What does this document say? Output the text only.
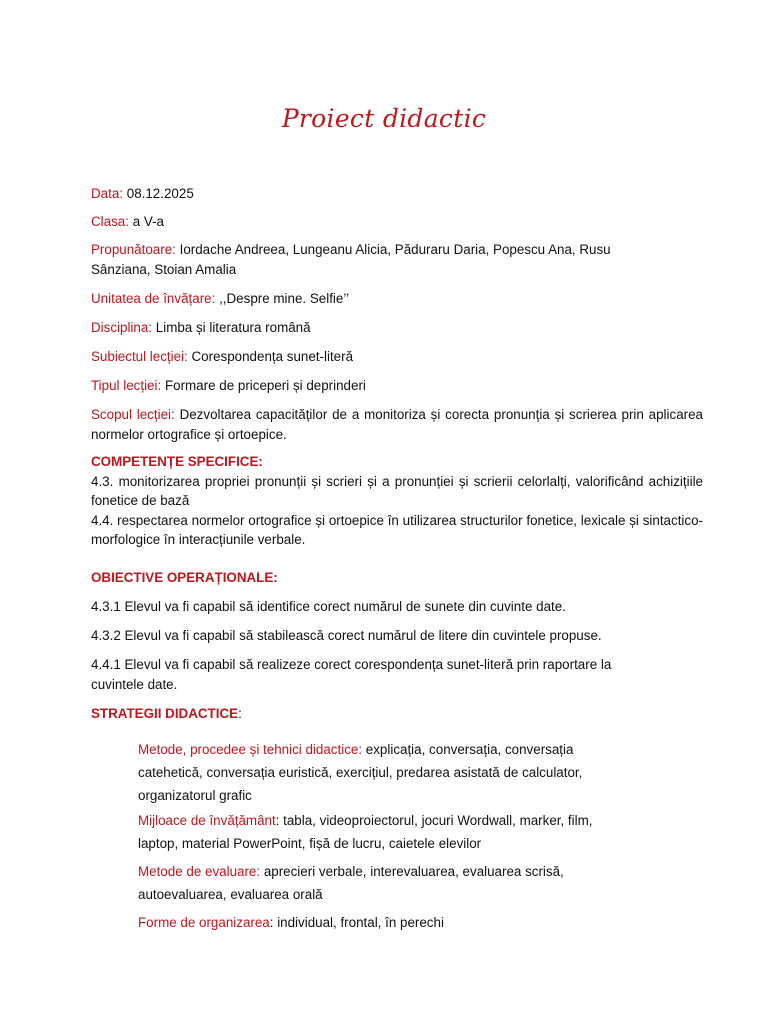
Proiect didactic
Data: 08.12.2025
Clasa: a V-a
Propunătoare: Iordache Andreea, Lungeanu Alicia, Păduraru Daria, Popescu Ana, Rusu Sânziana, Stoian Amalia
Unitatea de învățare: ,,Despre mine. Selfie’’
Disciplina: Limba și literatura română
Subiectul lecției: Corespondența sunet-literă
Tipul lecției: Formare de priceperi și deprinderi
Scopul lecției: Dezvoltarea capacităților de a monitoriza și corecta pronunția și scrierea prin aplicarea normelor ortografice și ortoepice.
COMPETENȚE SPECIFICE:
4.3. monitorizarea propriei pronunții și scrieri și a pronunției și scrierii celorlalți, valorificând achizițiile fonetice de bază
4.4. respectarea normelor ortografice și ortoepice în utilizarea structurilor fonetice, lexicale și sintactico-morfologice în interacțiunile verbale.
OBIECTIVE OPERAȚIONALE:
4.3.1 Elevul va fi capabil să identifice corect numărul de sunete din cuvinte date.
4.3.2 Elevul va fi capabil să stabilească corect numărul de litere din cuvintele propuse.
4.4.1 Elevul va fi capabil să realizeze corect corespondența sunet-literă prin raportare la cuvintele date.
STRATEGII DIDACTICE:
Metode, procedee și tehnici didactice: explicația, conversația, conversația catehetică, conversația euristică, exercițiul, predarea asistată de calculator, organizatorul grafic
Mijloace de învățământ: tabla, videoproiectorul, jocuri Wordwall, marker, film, laptop, material PowerPoint, fișă de lucru, caietele elevilor
Metode de evaluare: aprecieri verbale, interevaluarea, evaluarea scrisă, autoevaluarea, evaluarea orală
Forme de organizarea: individual, frontal, în perechi
